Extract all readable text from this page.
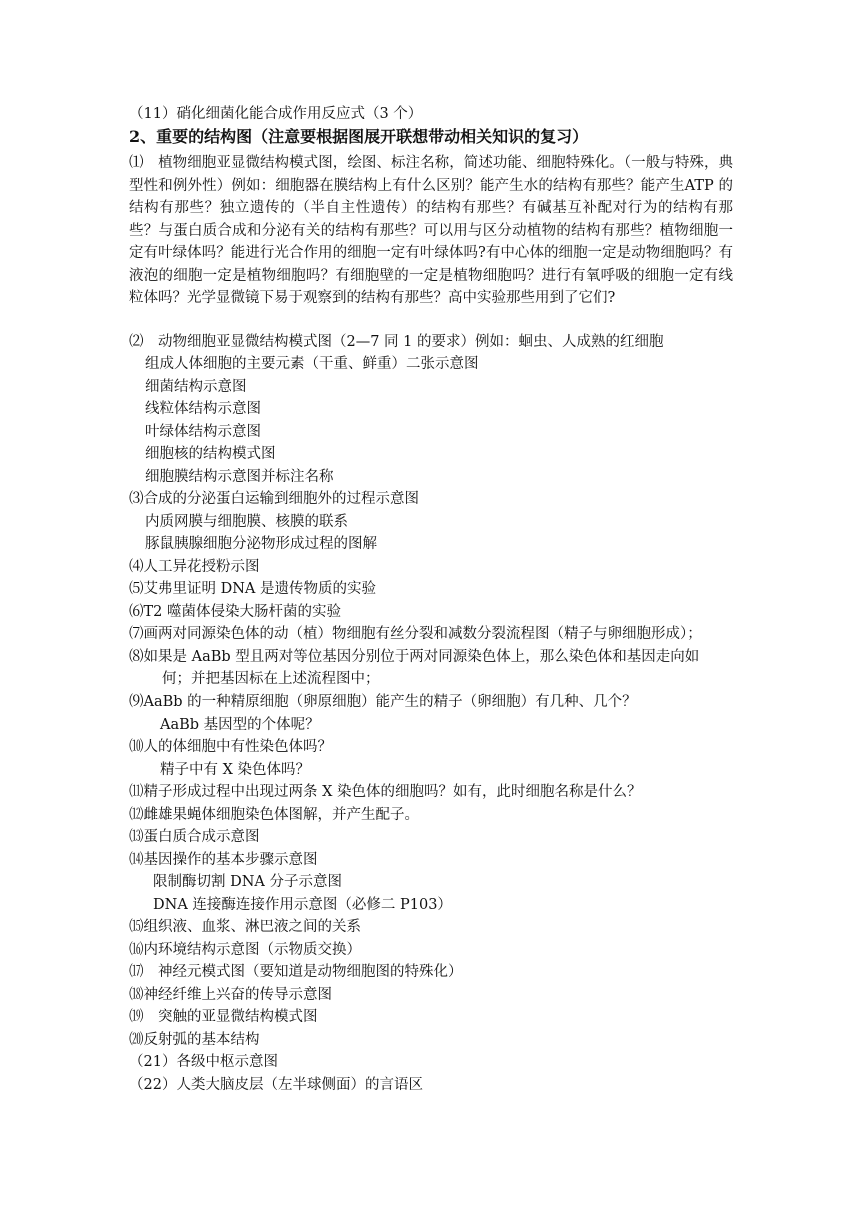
（11）硝化细菌化能合成作用反应式（3 个）
2、重要的结构图（注意要根据图展开联想带动相关知识的复习）
⑴　植物细胞亚显微结构模式图，绘图、标注名称，简述功能、细胞特殊化。（一般与特殊，典型性和例外性）例如：细胞器在膜结构上有什么区别？能产生水的结构有那些？能产生ATP 的结构有那些？独立遗传的（半自主性遗传）的结构有那些？有碱基互补配对行为的结构有那些？与蛋白质合成和分泌有关的结构有那些？可以用与区分动植物的结构有那些？植物细胞一定有叶绿体吗？能进行光合作用的细胞一定有叶绿体吗?有中心体的细胞一定是动物细胞吗？有液泡的细胞一定是植物细胞吗？有细胞壁的一定是植物细胞吗？进行有氧呼吸的细胞一定有线粒体吗？光学显微镜下易于观察到的结构有那些？高中实验那些用到了它们?
⑵　动物细胞亚显微结构模式图（2—7 同 1 的要求）例如：蛔虫、人成熟的红细胞
组成人体细胞的主要元素（干重、鲜重）二张示意图
细菌结构示意图
线粒体结构示意图
叶绿体结构示意图
细胞核的结构模式图
细胞膜结构示意图并标注名称
⑶合成的分泌蛋白运输到细胞外的过程示意图
内质网膜与细胞膜、核膜的联系
豚鼠胰腺细胞分泌物形成过程的图解
⑷人工异花授粉示图
⑸艾弗里证明 DNA 是遗传物质的实验
⑹T2 噬菌体侵染大肠杆菌的实验
⑺画两对同源染色体的动（植）物细胞有丝分裂和减数分裂流程图（精子与卵细胞形成）；
⑻如果是 AaBb 型且两对等位基因分别位于两对同源染色体上，那么染色体和基因走向如
何；并把基因标在上述流程图中；
⑼AaBb 的一种精原细胞（卵原细胞）能产生的精子（卵细胞）有几种、几个？
AaBb 基因型的个体呢？
⑽人的体细胞中有性染色体吗？
精子中有 X 染色体吗？
⑾精子形成过程中出现过两条 X 染色体的细胞吗？如有，此时细胞名称是什么？
⑿雌雄果蝇体细胞染色体图解，并产生配子。
⒀蛋白质合成示意图
⒁基因操作的基本步骤示意图
限制酶切割 DNA 分子示意图
DNA 连接酶连接作用示意图（必修二 P103）
⒂组织液、血浆、淋巴液之间的关系
⒃内环境结构示意图（示物质交换）
⒄　神经元模式图（要知道是动物细胞图的特殊化）
⒅神经纤维上兴奋的传导示意图
⒆　突触的亚显微结构模式图
⒇反射弧的基本结构
（21）各级中枢示意图
（22）人类大脑皮层（左半球侧面）的言语区
